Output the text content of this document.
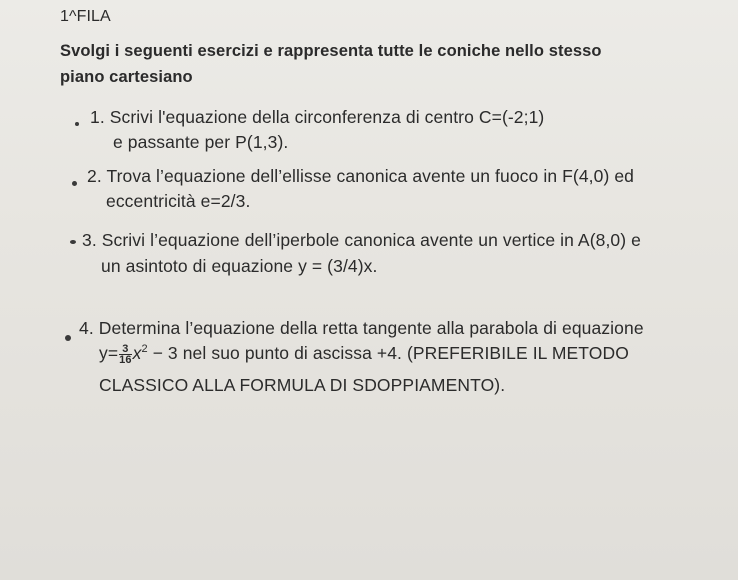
1^FILA
Svolgi i seguenti esercizi e rappresenta tutte le coniche nello stesso
piano cartesiano
1. Scrivi l'equazione della circonferenza di centro C=(-2;1)
e passante per P(1,3).
2. Trova l’equazione dell’ellisse canonica avente un fuoco in F(4,0) ed
eccentricità e=2/3.
3. Scrivi l’equazione dell’iperbole canonica avente un vertice in A(8,0) e
un asintoto di equazione y = (3/4)x.
4. Determina l’equazione della retta tangente alla parabola di equazione
$y= \frac{3}{16} x^2 - 3$ nel suo punto di ascissa +4. (PREFERIBILE IL METODO
CLASSICO ALLA FORMULA DI SDOPPIAMENTO).
